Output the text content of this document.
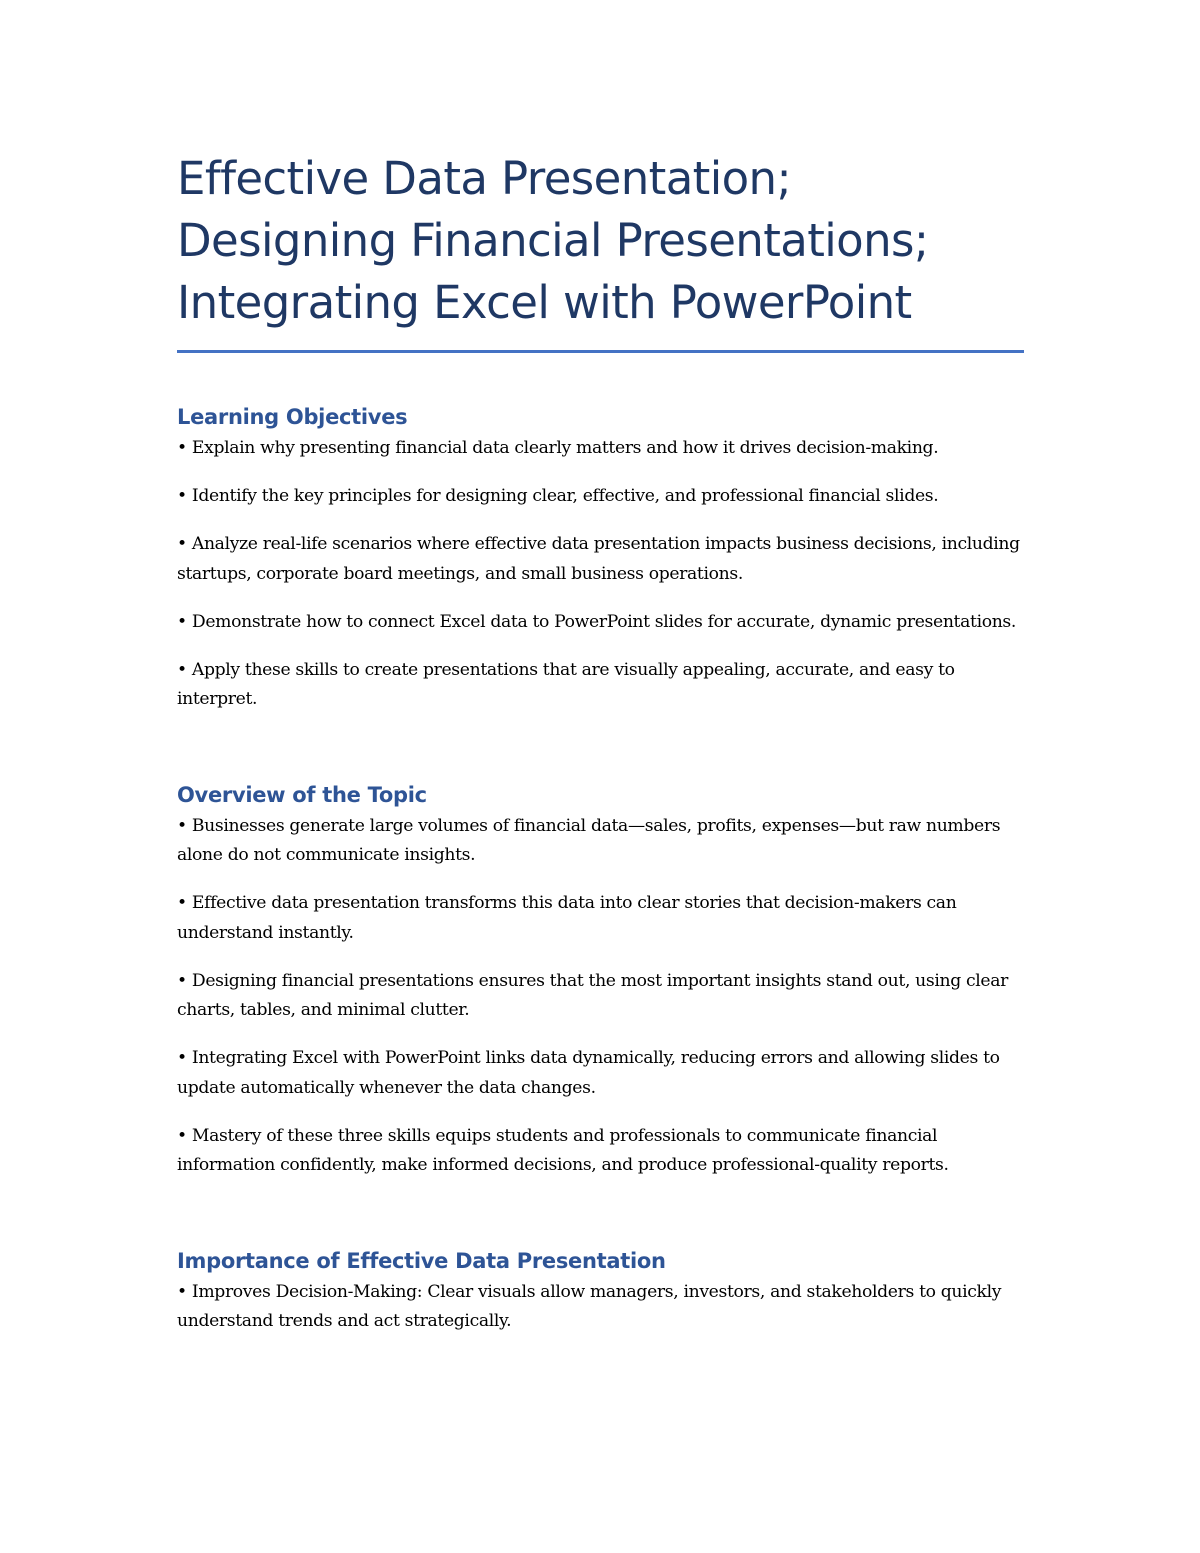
Effective Data Presentation; Designing Financial Presentations; Integrating Excel with PowerPoint
Learning Objectives
• Explain why presenting financial data clearly matters and how it drives decision-making.
• Identify the key principles for designing clear, effective, and professional financial slides.
• Analyze real-life scenarios where effective data presentation impacts business decisions, including startups, corporate board meetings, and small business operations.
• Demonstrate how to connect Excel data to PowerPoint slides for accurate, dynamic presentations.
• Apply these skills to create presentations that are visually appealing, accurate, and easy to interpret.
Overview of the Topic
• Businesses generate large volumes of financial data—sales, profits, expenses—but raw numbers alone do not communicate insights.
• Effective data presentation transforms this data into clear stories that decision-makers can understand instantly.
• Designing financial presentations ensures that the most important insights stand out, using clear charts, tables, and minimal clutter.
• Integrating Excel with PowerPoint links data dynamically, reducing errors and allowing slides to update automatically whenever the data changes.
• Mastery of these three skills equips students and professionals to communicate financial information confidently, make informed decisions, and produce professional-quality reports.
Importance of Effective Data Presentation
• Improves Decision-Making: Clear visuals allow managers, investors, and stakeholders to quickly understand trends and act strategically.
